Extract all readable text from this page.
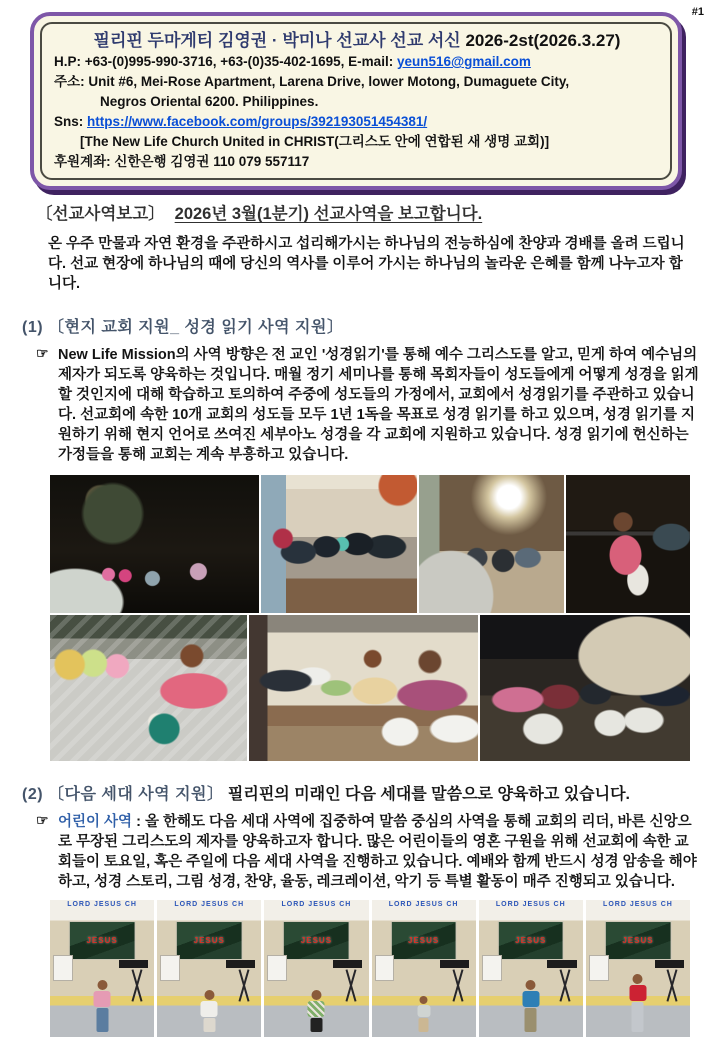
#1
필리핀 두마게티 김영권 · 박미나 선교사 선교 서신 2026-2st(2026.3.27)
H.P: +63-(0)995-990-3716, +63-(0)35-402-1695, E-mail: yeun516@gmail.com
주소: Unit #6, Mei-Rose Apartment, Larena Drive, lower Motong, Dumaguete City,
Negros Oriental 6200. Philippines.
Sns: https://www.facebook.com/groups/392193051454381/
[The New Life Church United in CHRIST(그리스도 안에 연합된 새 생명 교회)]
후원계좌: 신한은행 김영권 110 079 557117
〔선교사역보고〕 2026년 3월(1분기) 선교사역을 보고합니다.
온 우주 만물과 자연 환경을 주관하시고 섭리해가시는 하나님의 전능하심에 찬양과 경배를 올려 드립니다. 선교 현장에 하나님의 때에 당신의 역사를 이루어 가시는 하나님의 놀라운 은혜를 함께 나누고자 합니다.
(1) 〔현지 교회 지원_ 성경 읽기 사역 지원〕
☞ New Life Mission의 사역 방향은 전 교인 '성경읽기'를 통해 예수 그리스도를 알고, 믿게 하여 예수님의 제자가 되도록 양육하는 것입니다. 매월 정기 세미나를 통해 목회자들이 성도들에게 어떻게 성경을 읽게 할 것인지에 대해 학습하고 토의하여 주중에 성도들의 가정에서, 교회에서 성경읽기를 주관하고 있습니다. 선교회에 속한 10개 교회의 성도들 모두 1년 1독을 목표로 성경 읽기를 하고 있으며, 성경 읽기를 지원하기 위해 현지 언어로 쓰여진 세부아노 성경을 각 교회에 지원하고 있습니다. 성경 읽기에 헌신하는 가정들을 통해 교회는 계속 부흥하고 있습니다.
(2) 〔다음 세대 사역 지원〕 필리핀의 미래인 다음 세대를 말씀으로 양육하고 있습니다.
☞ 어린이 사역 : 올 한해도 다음 세대 사역에 집중하여 말씀 중심의 사역을 통해 교회의 리더, 바른 신앙으로 무장된 그리스도의 제자를 양육하고자 합니다. 많은 어린이들의 영혼 구원을 위해 선교회에 속한 교회들이 토요일, 혹은 주일에 다음 세대 사역을 진행하고 있습니다. 예배와 함께 반드시 성경 암송을 해야 하고, 성경 스토리, 그림 성경, 찬양, 율동, 레크레이션, 악기 등 특별 활동이 매주 진행되고 있습니다.
LORD JESUS CH
JESUS
LORD JESUS CH
JESUS
LORD JESUS CH
JESUS
LORD JESUS CH
JESUS
LORD JESUS CH
JESUS
LORD JESUS CH
JESUS
